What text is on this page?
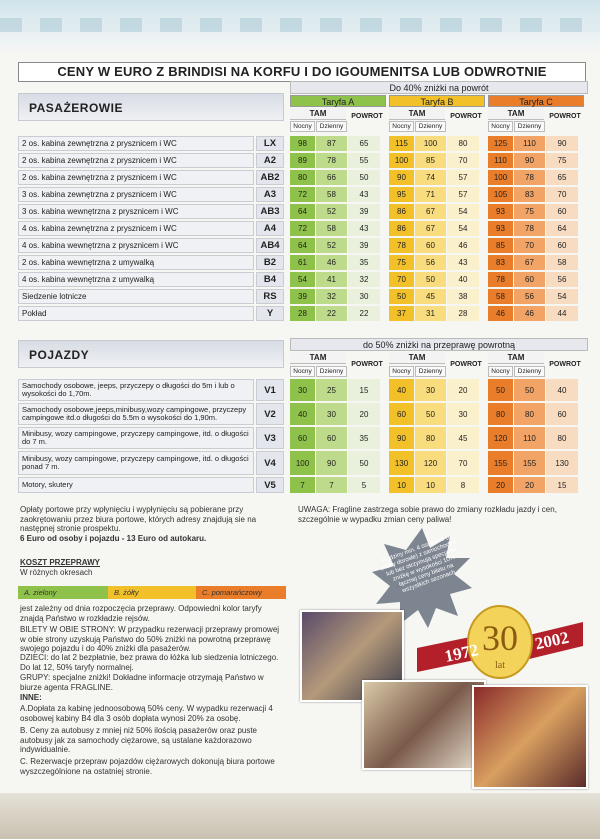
CENY W EURO Z BRINDISI NA KORFU I DO IGOUMENITSA LUB ODWROTNIE
PASAŻEROWIE
Do 40% zniżki na powrót
Taryfa A
TAM	POWROT
Nocny	Dzienny
Taryfa B
TAM	POWROT
Nocny	Dzienny
Taryfa C
TAM	POWROT
Nocny	Dzienny
2 os. kabina zewnętrzna z prysznicem i WC	LX	98	87	65	115	100	80	125	110	90
2 os. kabina zewnętrzna z prysznicem i WC	A2	89	78	55	100	85	70	110	90	75
2 os. kabina zewnętrzna z prysznicem i WC	AB2	80	66	50	90	74	57	100	78	65
3 os. kabina zewnętrzna z prysznicem i WC	A3	72	58	43	95	71	57	105	83	70
3 os. kabina wewnętrzna z prysznicem i WC	AB3	64	52	39	86	67	54	93	75	60
4 os. kabina zewnętrzna z prysznicem i WC	A4	72	58	43	86	67	54	93	78	64
4 os. kabina wewnętrzna z prysznicem i WC	AB4	64	52	39	78	60	46	85	70	60
2 os. kabina wewnętrzna z umywalką	B2	61	46	35	75	56	43	83	67	58
4 os. kabina wewnętrzna z umywalką	B4	54	41	32	70	50	40	78	60	56
Siedzenie lotnicze	RS	39	32	30	50	45	38	58	56	54
Pokład	Y	28	22	22	37	31	28	46	46	44
POJAZDY
do 50% zniżki na przeprawę powrotną
TAM
POWROT
Nocny	Dzienny
TAM
POWROT
Nocny	Dzienny
TAM
POWROT
Nocny	Dzienny
Samochody osobowe, jeeps, przyczepy o długości do 5m i lub o wysokości do 1,70m.	V1	30	25	15	40	30	20	50	50	40
Samochody osobowe,jeeps,minibusy,wozy campingowe, przyczepy campingowe itd.o długości do 5.5m o wysokości do 1,90m.	V2	40	30	20	60	50	30	80	80	60
Minibusy, wozy campingowe, przyczepy campingowe, itd. o długości do 7 m.	V3	60	60	35	90	80	45	120	110	80
Minibusy, wozy campingowe, przyczepy campingowe, itd. o długości ponad 7 m.	V4	100	90	50	130	120	70	155	155	130
Motory, skutery	V5	7	7	5	10	10	8	20	20	15
Opłaty portowe przy wpłynięciu i wypłynięciu są pobierane przy zaokrętowaniu przez biura portowe, których adresy znajdują sie na następnej stronie prospektu.
6 Euro od osoby i pojazdu - 13 Euro od autokaru.
UWAGA: Fragline zastrzega sobie prawo do zmiany rozkładu jazdy i cen, szczególnie w wypadku zmian ceny paliwa!
KOSZT PRZEPRAWY
W różnych okresach
A. zielony	B. żółty	C. pomarańczowy
jest zależny od dnia rozpoczęcia przeprawy. Odpowiedni kolor taryfy znajdą Państwo w rozkładzie rejsów.
BILETY W OBIE STRONY: W przypadku rezerwacji przeprawy promowej w obie strony uzyskują Państwo do 50% zniżki na powrotną przeprawę swojego pojazdu i do 40% zniżki dla pasażerów.
DZIECI: do lat 2 bezpłatnie, bez prawa do łóżka lub siedzenia lotniczego. Do lat 12, 50% taryfy normalnej.
GRUPY: specjalne zniżki! Dokładne informacje otrzymają Państwo w biurze agenta FRAGLINE.
INNE:
A.Dopłata za kabinę jednoosobową 50% ceny. W wypadku rezerwacji 4 osobowej kabiny B4 dla 3 osób dopłata wynosi 20% za osobę.
B. Ceny za autobusy z mniej niż 50% ilością pasażerów oraz puste autobusy jak za samochody ciężarowe, są ustalane każdorazowo indywidualnie.
C. Rezerwacje przepraw pojazdów ciężarowych dokonują biura portowe wyszczególnione na ostatniej stronie.
Rodziny min. 4 osobowe (2 osoby dorosłe) z samochodem lub bez otrzymują specjalną zniżkę w wysokości 10% łącznej ceny biletu na wszystkich sezonach
1972 30
lat
2002
